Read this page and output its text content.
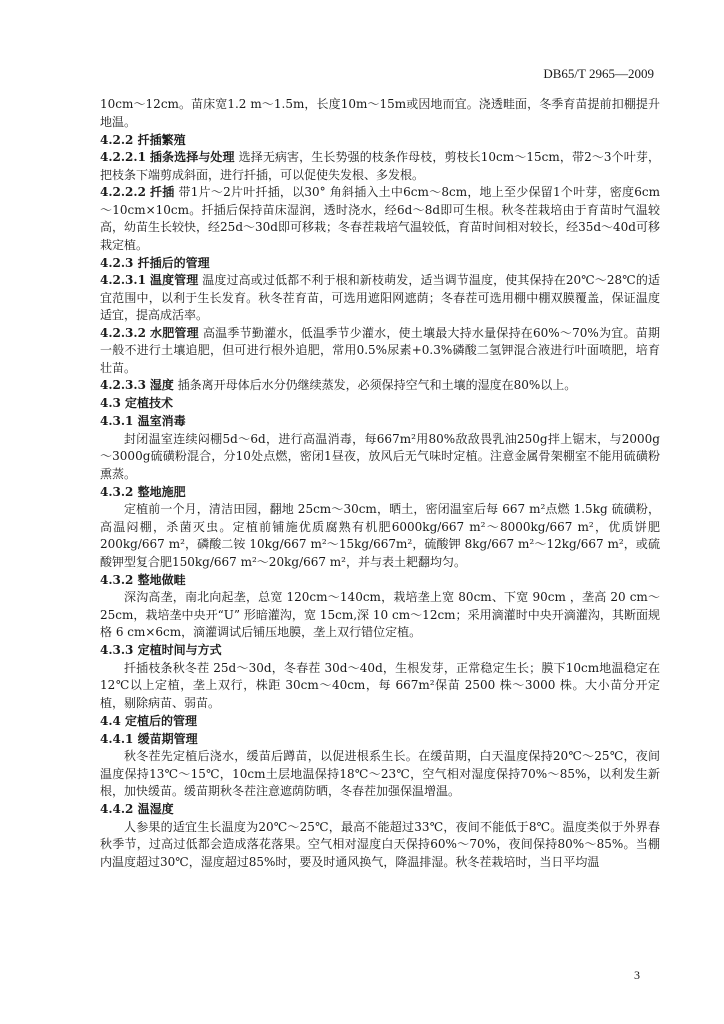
DB65/T 2965—2009

10cm～12cm。苗床宽1.2 m～1.5m，长度10m～15m或因地而宜。浇透畦面，冬季育苗提前扣棚提升地温。

4.2.2 扦插繁殖

4.2.2.1 插条选择与处理 选择无病害，生长势强的枝条作母枝，剪枝长10cm～15cm，带2～3个叶芽，把枝条下端剪成斜面，进行扦插，可以促使失发根、多发根。

4.2.2.2 扦插 带1片～2片叶扦插，以30° 角斜插入土中6cm～8cm，地上至少保留1个叶芽，密度6cm～10cm×10cm。扦插后保持苗床湿润，透时浇水，经6d～8d即可生根。秋冬茬栽培由于育苗时气温较高，幼苗生长较快，经25d～30d即可移栽；冬春茬栽培气温较低，育苗时间相对较长，经35d～40d可移栽定植。

4.2.3 扦插后的管理

4.2.3.1 温度管理 温度过高或过低都不利于根和新枝萌发，适当调节温度，使其保持在20℃～28℃的适宜范围中，以利于生长发育。秋冬茬育苗，可选用遮阳网遮荫；冬春茬可选用棚中棚双膜覆盖，保证温度适宜，提高成活率。

4.2.3.2 水肥管理 高温季节勤灌水，低温季节少灌水，使土壤最大持水量保持在60%～70%为宜。苗期一般不进行土壤追肥，但可进行根外追肥，常用0.5%尿素+0.3%磷酸二氢钾混合液进行叶面喷肥，培育壮苗。

4.2.3.3 湿度 插条离开母体后水分仍继续蒸发，必须保持空气和土壤的湿度在80%以上。

4.3 定植技术

4.3.1 温室消毒

封闭温室连续闷棚5d～6d，进行高温消毒，每667m²用80%敌敌畏乳油250g拌上锯末，与2000g～3000g硫磺粉混合，分10处点燃，密闭1昼夜，放风后无气味时定植。注意金属骨架棚室不能用硫磺粉熏蒸。

4.3.2 整地施肥

定植前一个月，清洁田园，翻地 25cm～30cm，晒土，密闭温室后每 667 m²点燃 1.5kg 硫磺粉，高温闷棚，杀菌灭虫。定植前铺施优质腐熟有机肥6000kg/667 m²～8000kg/667 m²，优质饼肥200kg/667 m²，磷酸二铵 10kg/667 m²～15kg/667m²，硫酸钾 8kg/667 m²～12kg/667 m²，或硫酸钾型复合肥150kg/667 m²～20kg/667 m²，并与表土耙翻均匀。

4.3.2 整地做畦

深沟高垄，南北向起垄，总宽 120cm～140cm，栽培垄上宽 80cm、下宽 90cm ，垄高 20 cm～25cm，栽培垄中央开“U” 形暗灌沟，宽 15cm,深 10 cm～12cm；采用滴灌时中央开滴灌沟，其断面规格 6 cm×6cm，滴灌调试后铺压地膜，垄上双行错位定植。

4.3.3 定植时间与方式

扦插枝条秋冬茬 25d～30d，冬春茬 30d～40d，生根发芽，正常稳定生长；膜下10cm地温稳定在 12℃以上定植，垄上双行，株距 30cm～40cm，每 667m²保苗 2500 株～3000 株。大小苗分开定植，剔除病苗、弱苗。

4.4 定植后的管理

4.4.1 缓苗期管理

秋冬茬先定植后浇水，缓苗后蹲苗，以促进根系生长。在缓苗期，白天温度保持20℃～25℃，夜间温度保持13℃～15℃，10cm土层地温保持18℃～23℃，空气相对湿度保持70%～85%，以利发生新根，加快缓苗。缓苗期秋冬茬注意遮荫防晒，冬春茬加强保温增温。

4.4.2 温湿度

人参果的适宜生长温度为20℃～25℃，最高不能超过33℃，夜间不能低于8℃。温度类似于外界春秋季节，过高过低都会造成落花落果。空气相对湿度白天保持60%～70%，夜间保持80%～85%。当棚内温度超过30℃，湿度超过85%时，要及时通风换气，降温排湿。秋冬茬栽培时，当日平均温

3
